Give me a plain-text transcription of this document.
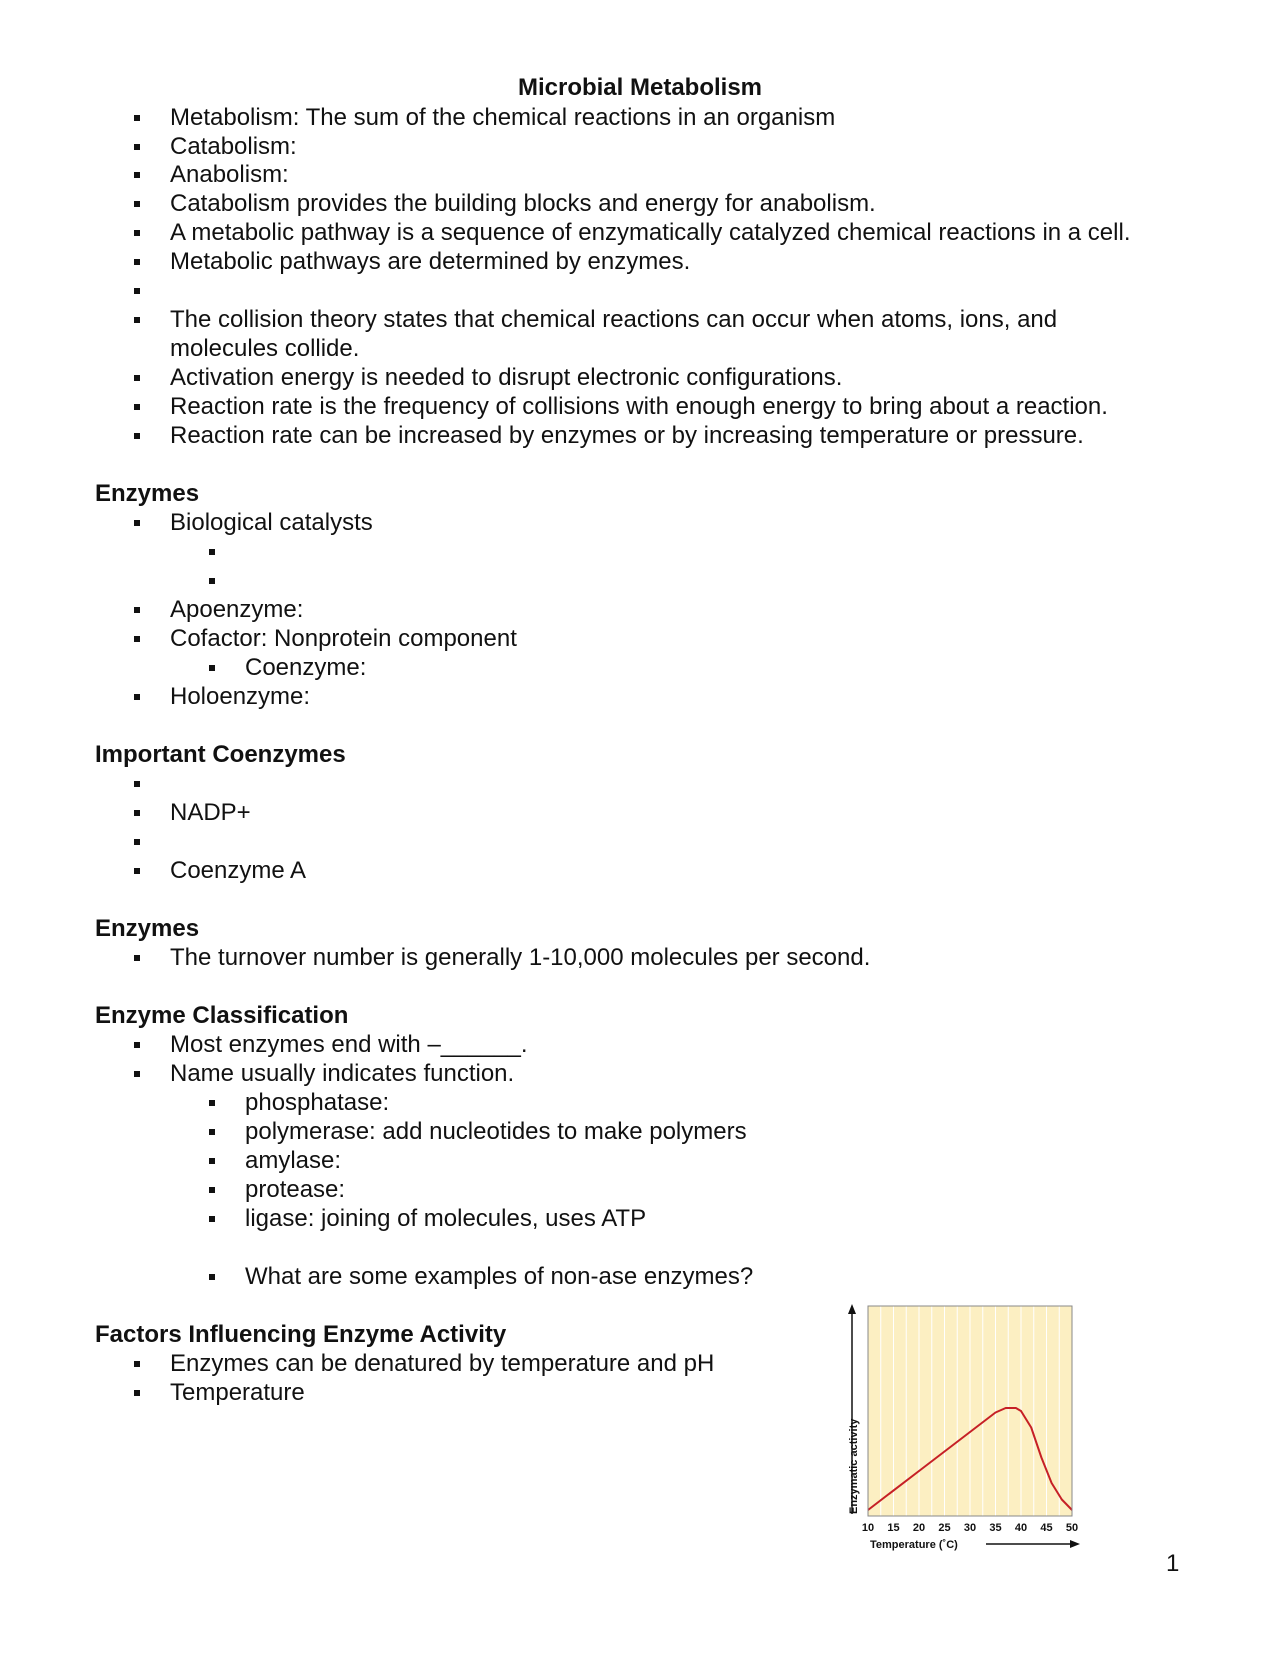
Microbial Metabolism
Metabolism: The sum of the chemical reactions in an organism
Catabolism:
Anabolism:
Catabolism provides the building blocks and energy for anabolism.
A metabolic pathway is a sequence of enzymatically catalyzed chemical reactions in a cell.
Metabolic pathways are determined by enzymes.
The collision theory states that chemical reactions can occur when atoms, ions, and
molecules collide.
Activation energy is needed to disrupt electronic configurations.
Reaction rate is the frequency of collisions with enough energy to bring about a reaction.
Reaction rate can be increased by enzymes or by increasing temperature or pressure.
Enzymes
Biological catalysts
Apoenzyme:
Cofactor: Nonprotein component
Coenzyme:
Holoenzyme:
Important Coenzymes
NADP+
Coenzyme A
Enzymes
The turnover number is generally 1-10,000 molecules per second.
Enzyme Classification
Most enzymes end with –______.
Name usually indicates function.
phosphatase:
polymerase: add nucleotides to make polymers
amylase:
protease:
ligase: joining of molecules, uses ATP
What are some examples of non-ase enzymes?
Factors Influencing Enzyme Activity
Enzymes can be denatured by temperature and pH
Temperature
Enzymatic activity
10 15 20 25 30 35 40 45 50
Temperature (˚C)
1
